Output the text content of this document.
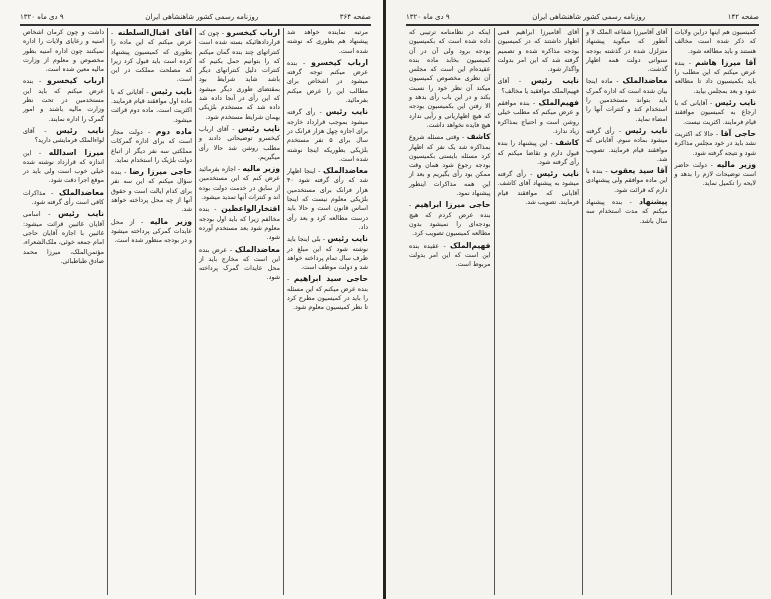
صفحه ۳۶۴
روزنامه رسمی کشور شاهنشاهی ایران
۹ دی ماه ۱۳۲۰

مرتبه نماینده خواهد شد پیشنهاد هم بطوری که نوشته شده است.

ارباب کیخسرو - بنده عرض میکنم توجه گرفته میشود در اشخاص برای مطالب این را عرض میکنم بفرمائید.

نایب رئیس - رأی گرفته میشود بموجب قرارداد خارجه برای اجازه چهل هزار فرانک در سال برای ۵ نفر مستخدم بلژیکی بطوریکه اینجا نوشته شده است.

معاضدالملک - اینجا اظهار شد که رأی گرفته شود ۴۰ هزار فرانک برای مستخدمین بلژیکی معلوم نیست که اینجا اساس قانون است و حالا باید درست مطالعه کرد و بعد رأی داد.

نایب رئیس - بلی اینجا باید نوشته شود که این مبلغ در ظرف سال تمام پرداخته خواهد شد و دولت موظف است.

حاجی سید ابراهیم - بنده عرض میکنم که این مسئله را باید در کمیسیون مطرح کرد تا نظر کمیسیون معلوم شود.

ارباب کیخسرو - چون که قراردادهائیکه بسته شده است کنتراتهای چند بنده گمان میکنم که را بتوانیم حمل بکنیم که کنترات دلیل کنتراتهای دیگر باشد شاید شرایط بود بمقتضای طوری دیگر میشود که این رأی در آنجا داده شد داده شد که مستخدم بلژیکی بهمان شرایط مستخدم شود.

نایب رئیس - آقای ارباب کیخسرو توضیحاتی دادند و مطلب روشن شد حالا رأی میگیریم.

وزیر مالیه - اجازه بفرمائید عرض کنم که این مستخدمین از سابق در خدمت دولت بوده اند و کنترات آنها تمدید میشود.

افتخارالواعظین - بنده مخالفم زیرا که باید اول بودجه معلوم شود بعد مستخدم آورده شود.

معاضدالملک - عرض بنده این است که مخارج باید از محل عایدات گمرک پرداخته شود.

آقای اقبال‌السلطنه - عرض میکنم که این ماده را بطوری که کمیسیون پیشنهاد کرده است باید قبول کرد زیرا که مصلحت مملکت در این است.

نایب رئیس - آقایانی که با ماده اول موافقند قیام فرمایند. اکثریت است. ماده دوم قرائت میشود.

ماده دوم - دولت مجاز است که برای اداره گمرکات مملکتی سه نفر دیگر از اتباع دولت بلژیک را استخدام نماید.

حاجی میرزا رضا - بنده سؤال میکنم که این سه نفر برای کدام ایالت است و حقوق آنها از چه محل پرداخته خواهد شد.

وزیر مالیه - از محل عایدات گمرکی پرداخته میشود و در بودجه منظور شده است.

داشت و چون کرمان اشخاص امنیه و رعایای ولایات را اداره نمیکنند چون اداره امنیه بطور مخصوص و معلوم از وزارت مالیه معین شده است.

ارباب کیخسرو - بنده عرض میکنم که باید این مستخدمین در تحت نظر وزارت مالیه باشند و امور گمرک را اداره نمایند.

نایب رئیس - آقای لواءالملک فرمایشی دارید؟

میرزا اسدالله - این اندازه که قرارداد نوشته شده خیلی خوب است ولی باید در موقع اجرا دقت شود.

معاضدالملک - مذاکرات کافی است رأی گرفته شود.

نایب رئیس - اسامی آقایان غائبین قرائت میشود: غائبین با اجازه آقایان حاجی امام جمعه خوئی، ملک‌الشعراء، مؤتمن‌الملک، میرزا محمد صادق طباطبائی.

صفحه ۱۴۲
روزنامه رسمی کشور شاهنشاهی ایران
۹ دی ماه ۱۳۲۰

کمیسیون هم اینها دراین ولایات که ذکر شده است مخالف هستند و باید مطالعه شود.

آقا میرزا هاشم - بنده عرض میکنم که این مطلب را باید بکمیسیون داد تا مطالعه شود و بعد بمجلس بیاید.

نایب رئیس - آقایانی که با ارجاع به کمیسیون موافقند قیام فرمایند. اکثریت نیست.

حاجی آقا - حالا که اکثریت نشد باید در خود مجلس مذاکره شود و نتیجه گرفته شود.

وزیر مالیه - دولت حاضر است توضیحات لازم را بدهد و لایحه را تکمیل نماید.

آقای آقامیرزا شفاعه الملک لا و آنطور که میگوید پیشنهاد متزلزل شده در گذشته بودجه سنواتی دولت همه اظهار گذشت.

معاضدالملک - ماده اینجا بیان شده است که اداره گمرک باید بتواند مستخدمین را استخدام کند و کنترات آنها را امضاء نماید.

نایب رئیس - رأی گرفته میشود بماده سوم. آقایانی که موافقند قیام فرمایند. تصویب شد.

آقا سید یعقوب - بنده با این ماده موافقم ولی پیشنهادی دارم که قرائت شود.

پیشنهاد - بنده پیشنهاد میکنم که مدت استخدام سه سال باشد.

آقای آقامیرزا ابراهیم قمی اظهار داشتند که در کمیسیون بودجه مذاکره شده و تصمیم گرفته شد که این امر بدولت واگذار شود.

نایب رئیس - آقای فهیم‌الملک موافقید یا مخالف؟

فهیم‌الملک - بنده موافقم و عرض میکنم که مطلب خیلی روشن است و احتیاج بمذاکره زیاد ندارد.

کاشف - این پیشنهاد را بنده قبول دارم و تقاضا میکنم که رأی گرفته شود.

نایب رئیس - رأی گرفته میشود به پیشنهاد آقای کاشف. آقایانی که موافقند قیام فرمایند. تصویب شد.

اینکه در نظامنامه ترتیبی که داده شده است که بکمیسیون بودجه برود ولی آن در آن کمیسیون بخابد ماده بنده عقیده‌ام این است که مجلس آن نظری مخصوص کمیسیون میکند آن نظر خود را نسبت بکند و در این باب رأی بدهد و الا رفتن این بکمیسیون بودجه که هیچ اظهاریانی و رأیی ندارد هیچ فایده نخواهد داشت.

کاشف - وقتی مسئله شروع بمذاکره شد یک نفر که اظهار کرد مسئله بایستی بکمیسیون بودجه رجوع شود همان وقت ممکن بود رأی بگیریم و بعد از این همه مذاکرات اینطور پیشنهاد نمود.

حاجی میرزا ابراهیم - بنده عرض کردم که هیچ بودجه‌ای را نمیشود بدون مطالعه کمیسیون تصویب کرد.

فهیم‌الملک - عقیده بنده این است که این امر بدولت مربوط است.
